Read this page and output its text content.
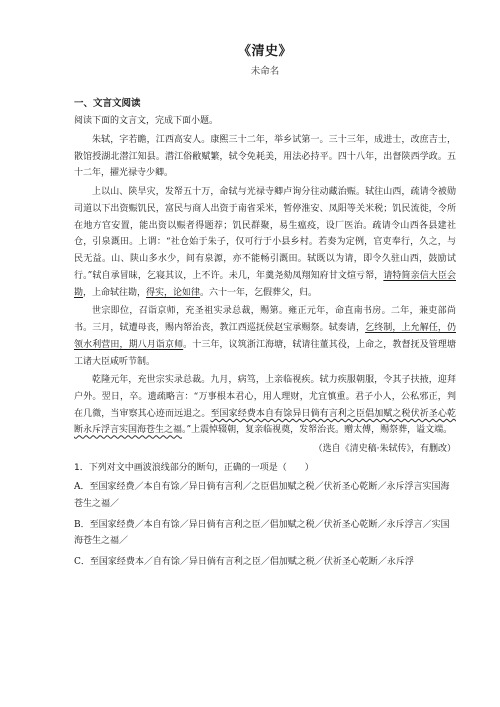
《清史》
未命名
一、文言文阅读
阅读下面的文言文，完成下面小题。

朱轼，字若瞻，江西高安人。康熙三十二年，举乡试第一。三十三年，成进士，改庶吉士，散馆授湖北潜江知县。潜江俗敝赋繁，轼令免耗美，用法必持平。四十八年，出督陕西学政。五十二年，擢光禄寺少卿。

上以山、陕旱灾，发帑五十万，命轼与光禄寺卿卢询分往动藏治赈。轼往山西，疏请令被勋司道以下出资赈饥民，富民与商人出资于南省采米，暂停淮安、凤阳等关米税；饥民流徙，令所在地方官安置，能出资以赈者得题荐；饥民群聚，易生瘟疫，设厂医治。疏请令山西各县建社仓，引泉溉田。上谓：“社仓始于朱子，仅可行于小县乡村。若奏为定例，官吏奉行，久之，与民无益。山、陕山多水少，间有泉源，亦不能畅引溉田。轼既以为请，即令久驻山西，鼓励试行。”轼自承冒昧，乞寝其议，上不许。未几，年羹尧劾凤翔知府甘文煊亏帑，请特简亲信大臣会勘，上命轼往勘，得实，论如律。六十一年，乞假葬父，归。

世宗即位，召诣京师，充圣祖实录总裁，赐第。雍正元年，命直南书房。二年，兼吏部尚书。三月，轼遭母丧，赐内帑治丧，教江西巡抚侯赵宝承赐祭。轼奏请，乞终制，上允解任，仍领水利营田，期八月诣京师。十三年，议筑浙江海塘，轼请往董其役，上命之，教督抚及管理塘工诸大臣咸听节制。

乾隆元年，充世宗实录总裁。九月，病笃，上亲临视疾。轼力疾服朝服，令其子扶掖，迎拜户外。翌日，卒。遗疏略言：“万事根本君心，用人理财，尤宜慎重。君子小人，公私邪正，判在几微，当审察其心迹而远退之。至国家经费本自有馀异日倘有言利之臣倡加赋之税伏祈圣心乾断永斥浮言实国海苍生之福。”上震悼辍朝，复亲临视奠，发帑治丧。赠太傅，赐祭葬，谥文端。

（选自《清史稿·朱轼传》，有删改）
1．下列对文中画波浪线部分的断句，正确的一项是（　　）
A．至国家经费／本自有馀／异日倘有言利／之臣倡加赋之税／伏祈圣心乾断／永斥浮言实国海苍生之福／
B．至国家经费／本自有馀／异日倘有言利之臣／倡加赋之税／伏祈圣心乾断／永斥浮言／实国海苍生之福／
C．至国家经费本／自有馀／异日倘有言利之臣／倡加赋之税／伏祈圣心乾断／永斥浮
